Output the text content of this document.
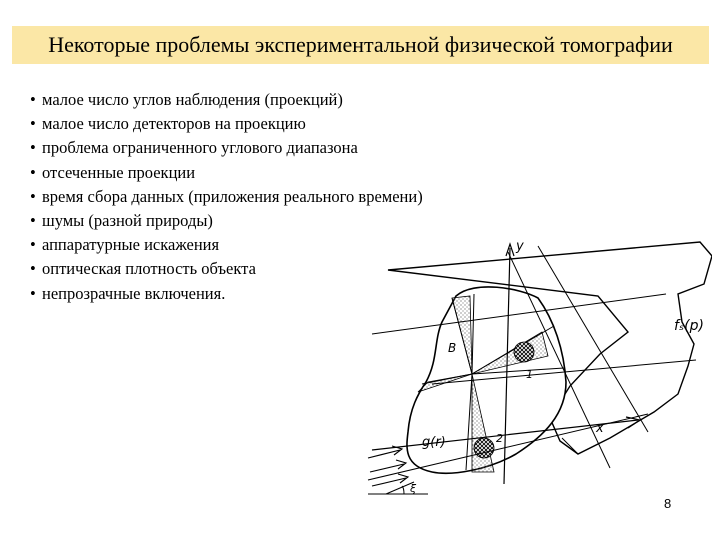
Некоторые проблемы экспериментальной физической томографии
• малое число углов наблюдения (проекций)
• малое число детекторов на проекцию
• проблема ограниченного углового диапазона
• отсеченные проекции
• время сбора данных (приложения реального времени)
• шумы (разной природы)
• аппаратурные искажения
• оптическая плотность объекта
• непрозрачные включения.
y
x
fₛ(p)
g(r)
B
1
2
ξ
8
